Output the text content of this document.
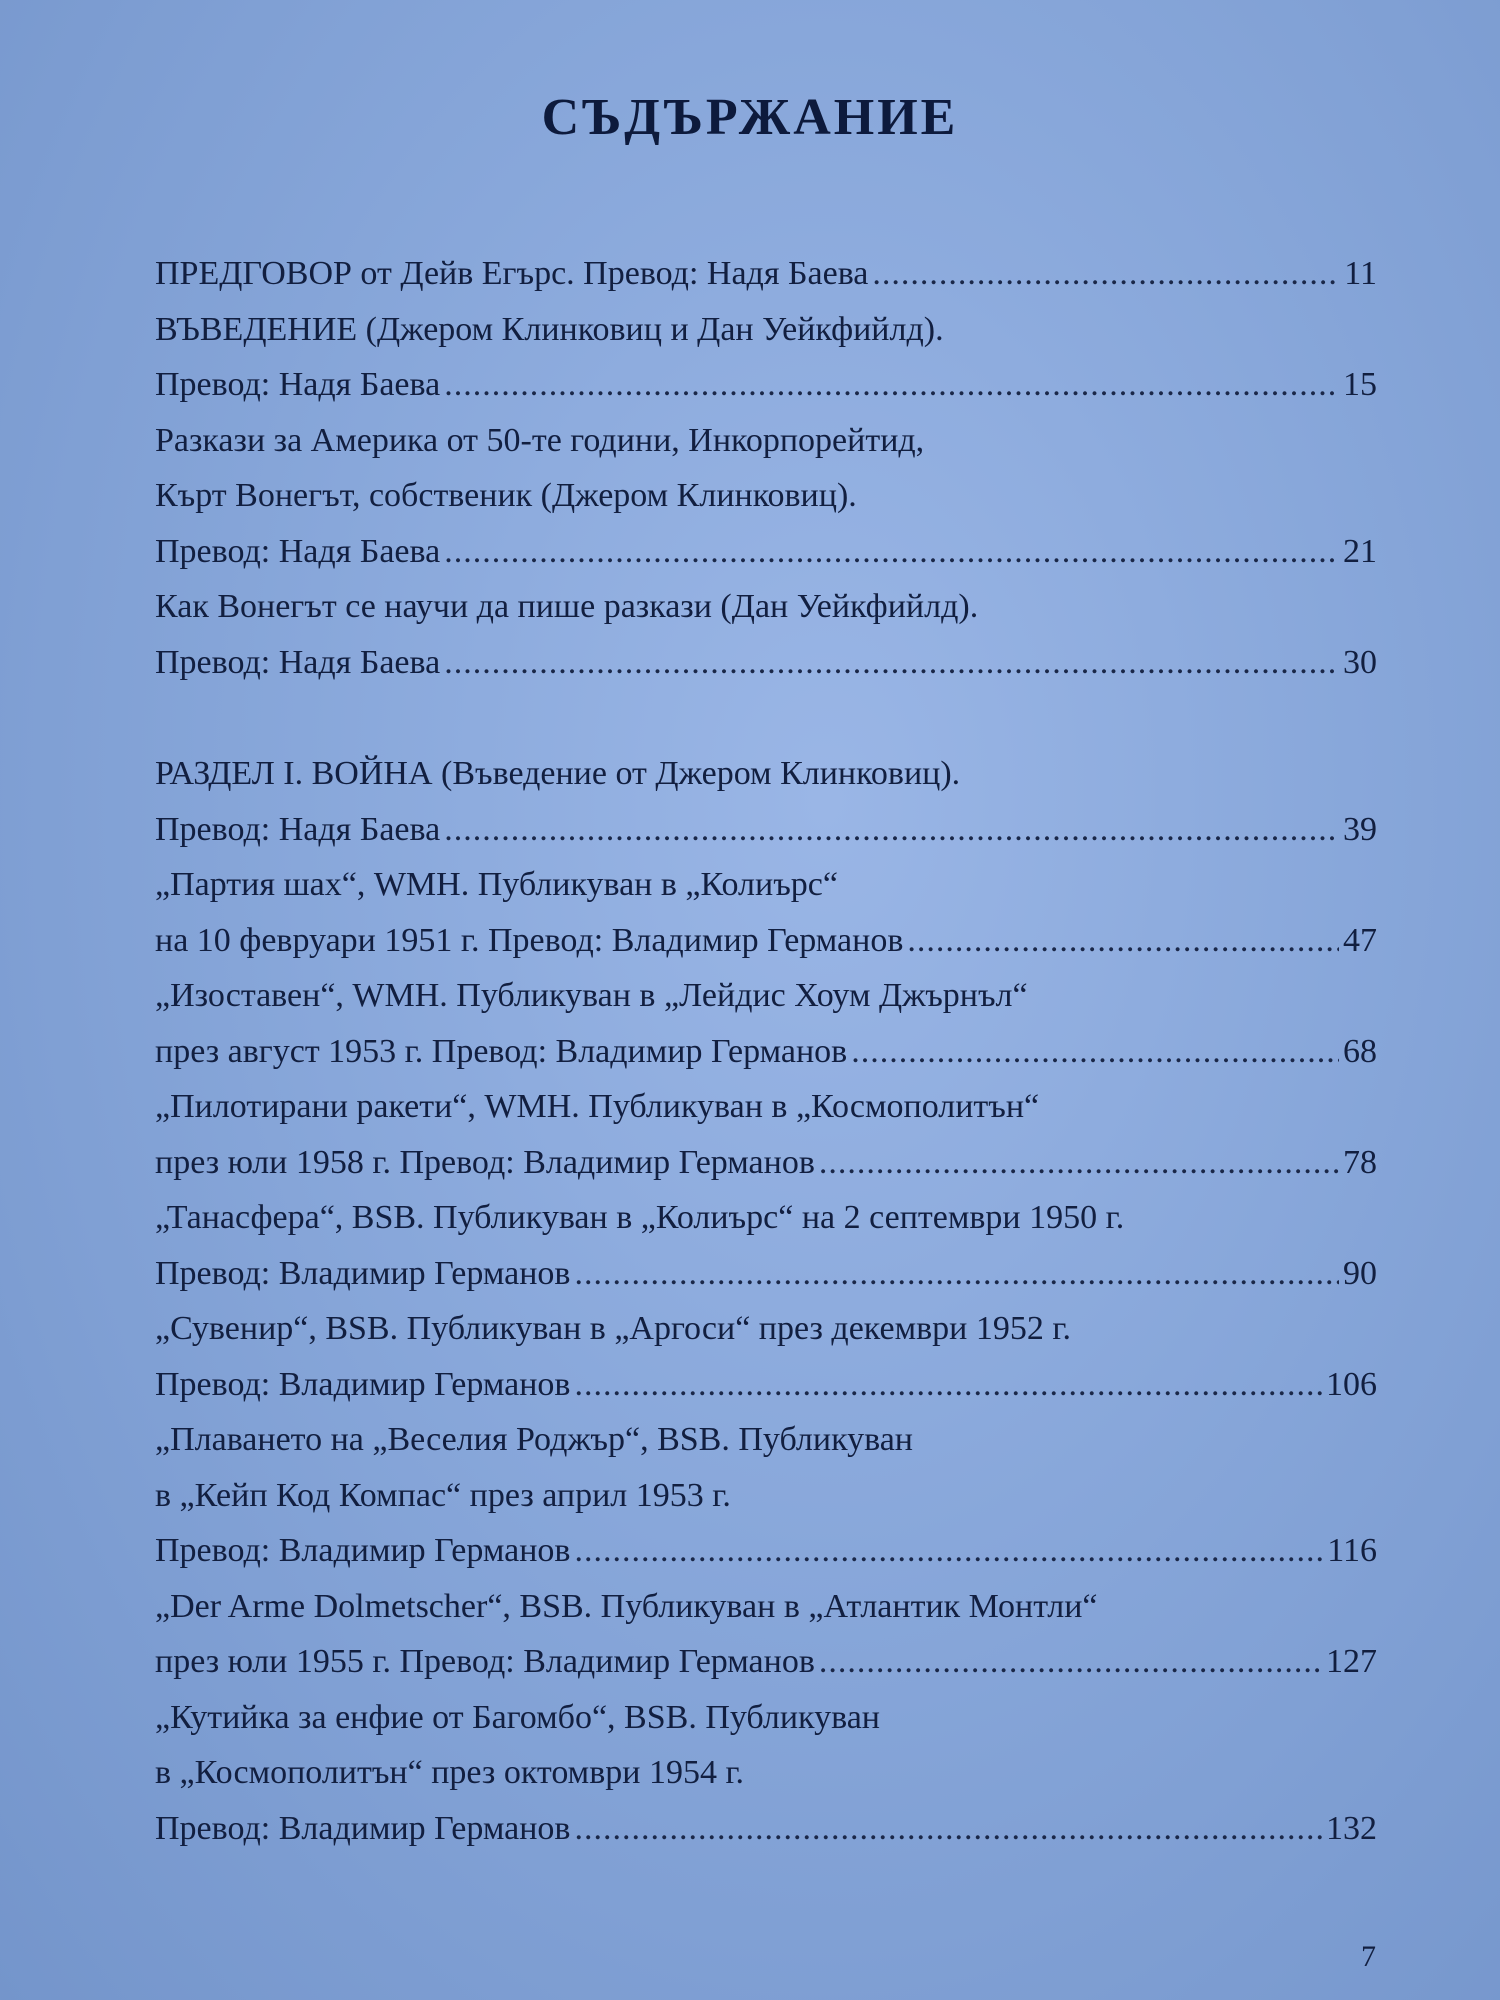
СЪДЪРЖАНИЕ
ПРЕДГОВОР от Дейв Егърс. Превод: Надя Баева .....	11
ВЪВЕДЕНИЕ (Джером Клинковиц и Дан Уейкфийлд).
Превод: Надя Баева .....	15
Разкази за Америка от 50-те години, Инкорпорейтид,
Кърт Вонегът, собственик (Джером Клинковиц).
Превод: Надя Баева .....	21
Как Вонегът се научи да пише разкази (Дан Уейкфийлд).
Превод: Надя Баева .....	30
РАЗДЕЛ I. ВОЙНА (Въведение от Джером Клинковиц).
Превод: Надя Баева .....	39
„Партия шах“, WMH. Публикуван в „Колиърс“
на 10 февруари 1951 г. Превод: Владимир Германов .....	47
„Изоставен“, WMH. Публикуван в „Лейдис Хоум Джърнъл“
през август 1953 г. Превод: Владимир Германов .....	68
„Пилотирани ракети“, WMH. Публикуван в „Космополитън“
през юли 1958 г. Превод: Владимир Германов .....	78
„Танасфера“, BSB. Публикуван в „Колиърс“ на 2 септември 1950 г.
Превод: Владимир Германов .....	90
„Сувенир“, BSB. Публикуван в „Аргоси“ през декември 1952 г.
Превод: Владимир Германов .....	106
„Плаването на „Веселия Роджър“, BSB. Публикуван
в „Кейп Код Компас“ през април 1953 г.
Превод: Владимир Германов .....	116
„Der Arme Dolmetscher“, BSB. Публикуван в „Атлантик Монтли“
през юли 1955 г. Превод: Владимир Германов .....	127
„Кутийка за енфие от Багомбо“, BSB. Публикуван
в „Космополитън“ през октомври 1954 г.
Превод: Владимир Германов .....	132
7
